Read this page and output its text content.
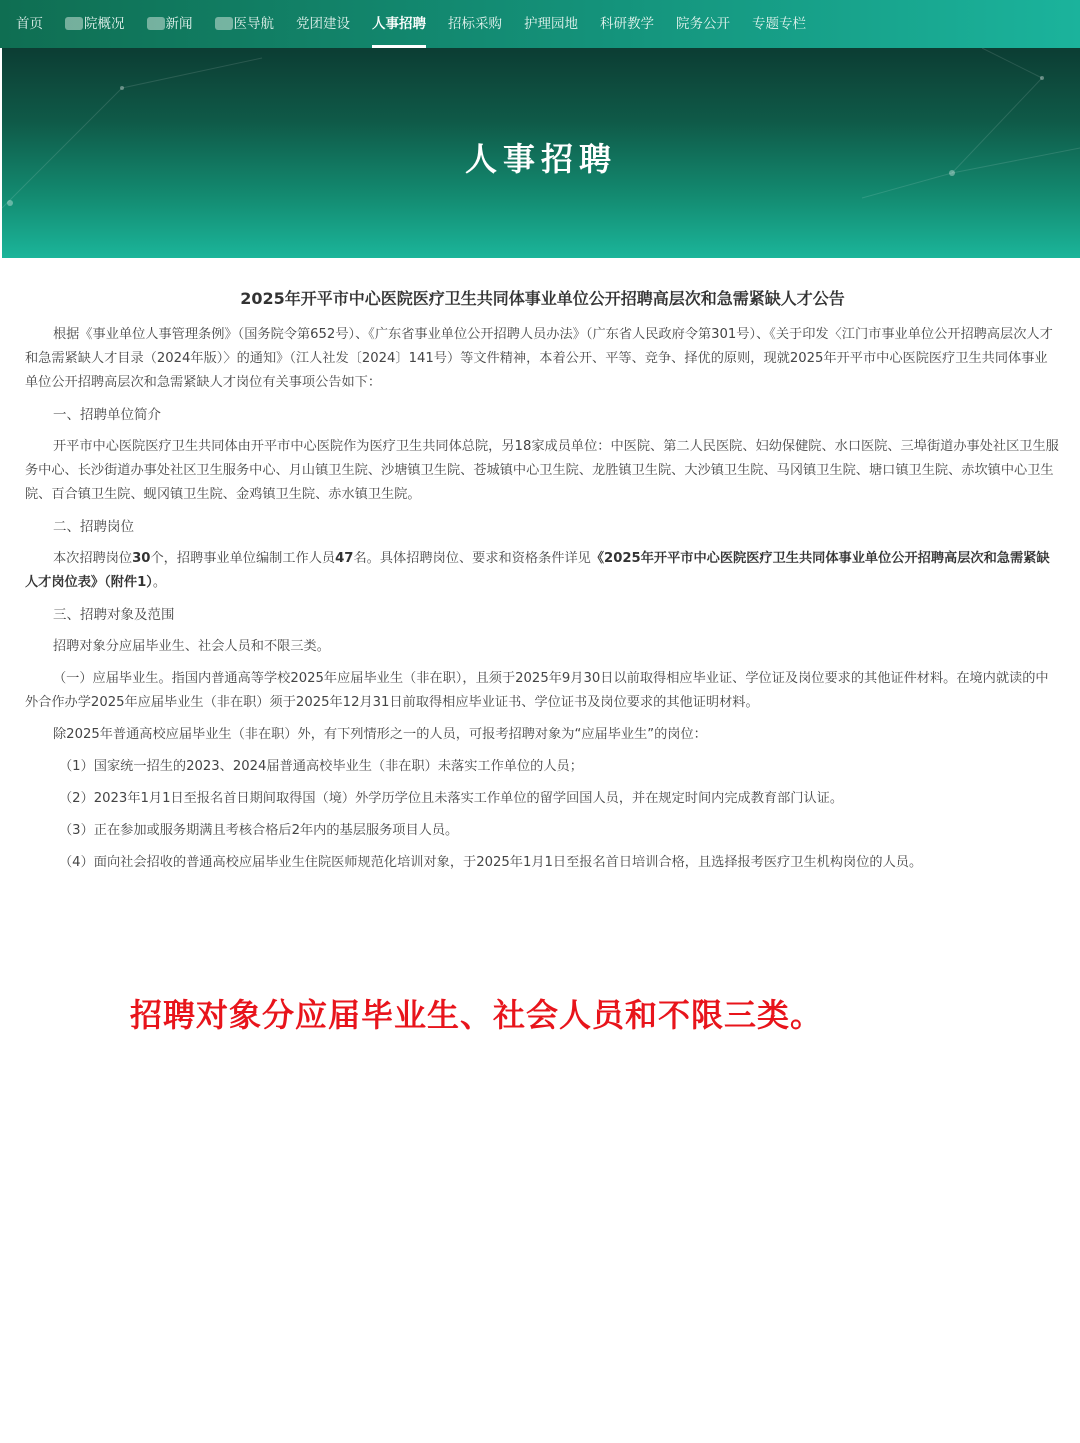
首页	院概况	新闻	医导航	党团建设	人事招聘	招标采购	护理园地	科研教学	院务公开	专题专栏
人事招聘
2025年开平市中心医院医疗卫生共同体事业单位公开招聘高层次和急需紧缺人才公告

根据《事业单位人事管理条例》（国务院令第652号）、《广东省事业单位公开招聘人员办法》（广东省人民政府令第301号）、《关于印发〈江门市事业单位公开招聘高层次人才和急需紧缺人才目录（2024年版）〉的通知》（江人社发〔2024〕141号）等文件精神，本着公开、平等、竞争、择优的原则，现就2025年开平市中心医院医疗卫生共同体事业单位公开招聘高层次和急需紧缺人才岗位有关事项公告如下：

一、招聘单位简介

开平市中心医院医疗卫生共同体由开平市中心医院作为医疗卫生共同体总院，另18家成员单位：中医院、第二人民医院、妇幼保健院、水口医院、三埠街道办事处社区卫生服务中心、长沙街道办事处社区卫生服务中心、月山镇卫生院、沙塘镇卫生院、苍城镇中心卫生院、龙胜镇卫生院、大沙镇卫生院、马冈镇卫生院、塘口镇卫生院、赤坎镇中心卫生院、百合镇卫生院、蚬冈镇卫生院、金鸡镇卫生院、赤水镇卫生院。

二、招聘岗位

本次招聘岗位30个，招聘事业单位编制工作人员47名。具体招聘岗位、要求和资格条件详见《2025年开平市中心医院医疗卫生共同体事业单位公开招聘高层次和急需紧缺人才岗位表》（附件1）。

三、招聘对象及范围

招聘对象分应届毕业生、社会人员和不限三类。

（一）应届毕业生。指国内普通高等学校2025年应届毕业生（非在职），且须于2025年9月30日以前取得相应毕业证、学位证及岗位要求的其他证件材料。在境内就读的中外合作办学2025年应届毕业生（非在职）须于2025年12月31日前取得相应毕业证书、学位证书及岗位要求的其他证明材料。

除2025年普通高校应届毕业生（非在职）外，有下列情形之一的人员，可报考招聘对象为“应届毕业生”的岗位：

（1）国家统一招生的2023、2024届普通高校毕业生（非在职）未落实工作单位的人员；

（2）2023年1月1日至报名首日期间取得国（境）外学历学位且未落实工作单位的留学回国人员，并在规定时间内完成教育部门认证。

（3）正在参加或服务期满且考核合格后2年内的基层服务项目人员。

（4）面向社会招收的普通高校应届毕业生住院医师规范化培训对象，于2025年1月1日至报名首日培训合格，且选择报考医疗卫生机构岗位的人员。

招聘对象分应届毕业生、社会人员和不限三类。
